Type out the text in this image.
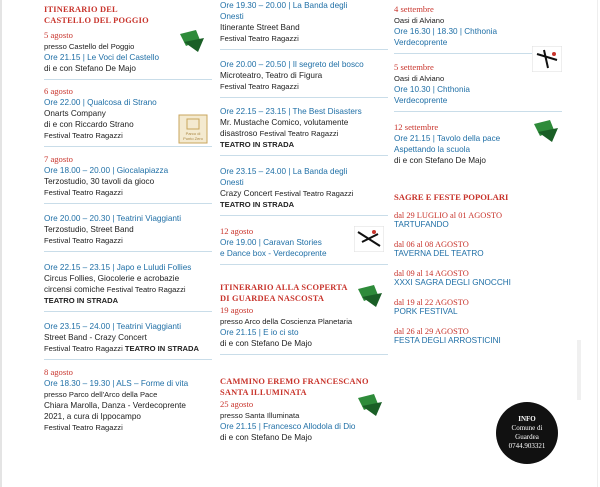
ITINERARIO DEL
CASTELLO DEL POGGIO
5 agosto
presso Castello del Poggio
Ore 21.15 | Le Voci del Castello
di e con Stefano De Majo
6 agosto
Ore 22.00 | Qualcosa di Strano
Onarts Company
di e con Riccardo Strano
Festival Teatro Ragazzi
7 agosto
Ore 18.00 – 20.00 | Giocalapiazza
Terzostudio, 30 tavoli da gioco
Festival Teatro Ragazzi
Ore 20.00 – 20.30 | Teatrini Viaggianti
Terzostudio, Street Band
Festival Teatro Ragazzi
Ore 22.15 – 23.15 | Japo e Luludi Follies
Circus Follies, Giocolerie e acrobazie
circensi comiche Festival Teatro Ragazzi
TEATRO IN STRADA
Ore 23.15 – 24.00 | Teatrini Viaggianti
Street Band - Crazy Concert
Festival Teatro Ragazzi TEATRO IN STRADA
8 agosto
Ore 18.30 – 19.30 | ALS – Forme di vita
presso Parco dell'Arco della Pace
Chiara Marolla, Danza - Verdecoprente
2021, a cura di Ippocampo
Festival Teatro Ragazzi
Parco di
Punto Zero
Ore 19.30 – 20.00 | La Banda degli
Onesti
Itinerante Street Band
Festival Teatro Ragazzi
Ore 20.00 – 20.50 | Il segreto del bosco
Microteatro, Teatro di Figura
Festival Teatro Ragazzi
Ore 22.15 – 23.15 | The Best Disasters
Mr. Mustache Comico, volutamente
disastroso Festival Teatro Ragazzi
TEATRO IN STRADA
Ore 23.15 – 24.00 | La Banda degli
Onesti
Crazy Concert Festival Teatro Ragazzi
TEATRO IN STRADA
12 agosto
Ore 19.00 | Caravan Stories
e Dance box - Verdecoprente
ITINERARIO ALLA SCOPERTA
DI GUARDEA NASCOSTA
19 agosto
presso Arco della Coscienza Planetaria
Ore 21.15 | E io ci sto
di e con Stefano De Majo
CAMMINO EREMO FRANCESCANO
SANTA ILLUMINATA
25 agosto
presso Santa Illuminata
Ore 21.15 | Francesco Allodola di Dio
di e con Stefano De Majo
4 settembre
Oasi di Alviano
Ore 16.30 | 18.30 | Chthonia
Verdecoprente
5 settembre
Oasi di Alviano
Ore 10.30 | Chthonia
Verdecoprente
12 settembre
Ore 21.15 | Tavolo della pace
Aspettando la scuola
di e con Stefano De Majo
SAGRE E FESTE POPOLARI
dal 29 LUGLIO al 01 AGOSTO
TARTUFANDO
dal 06 al 08 AGOSTO
TAVERNA DEL TEATRO
dal 09 al 14 AGOSTO
XXXI SAGRA DEGLI GNOCCHI
dal 19 al 22 AGOSTO
PORK FESTIVAL
dal 26 al 29 AGOSTO
FESTA DEGLI ARROSTICINI
INFO
Comune di
Guardea
0744.903321
